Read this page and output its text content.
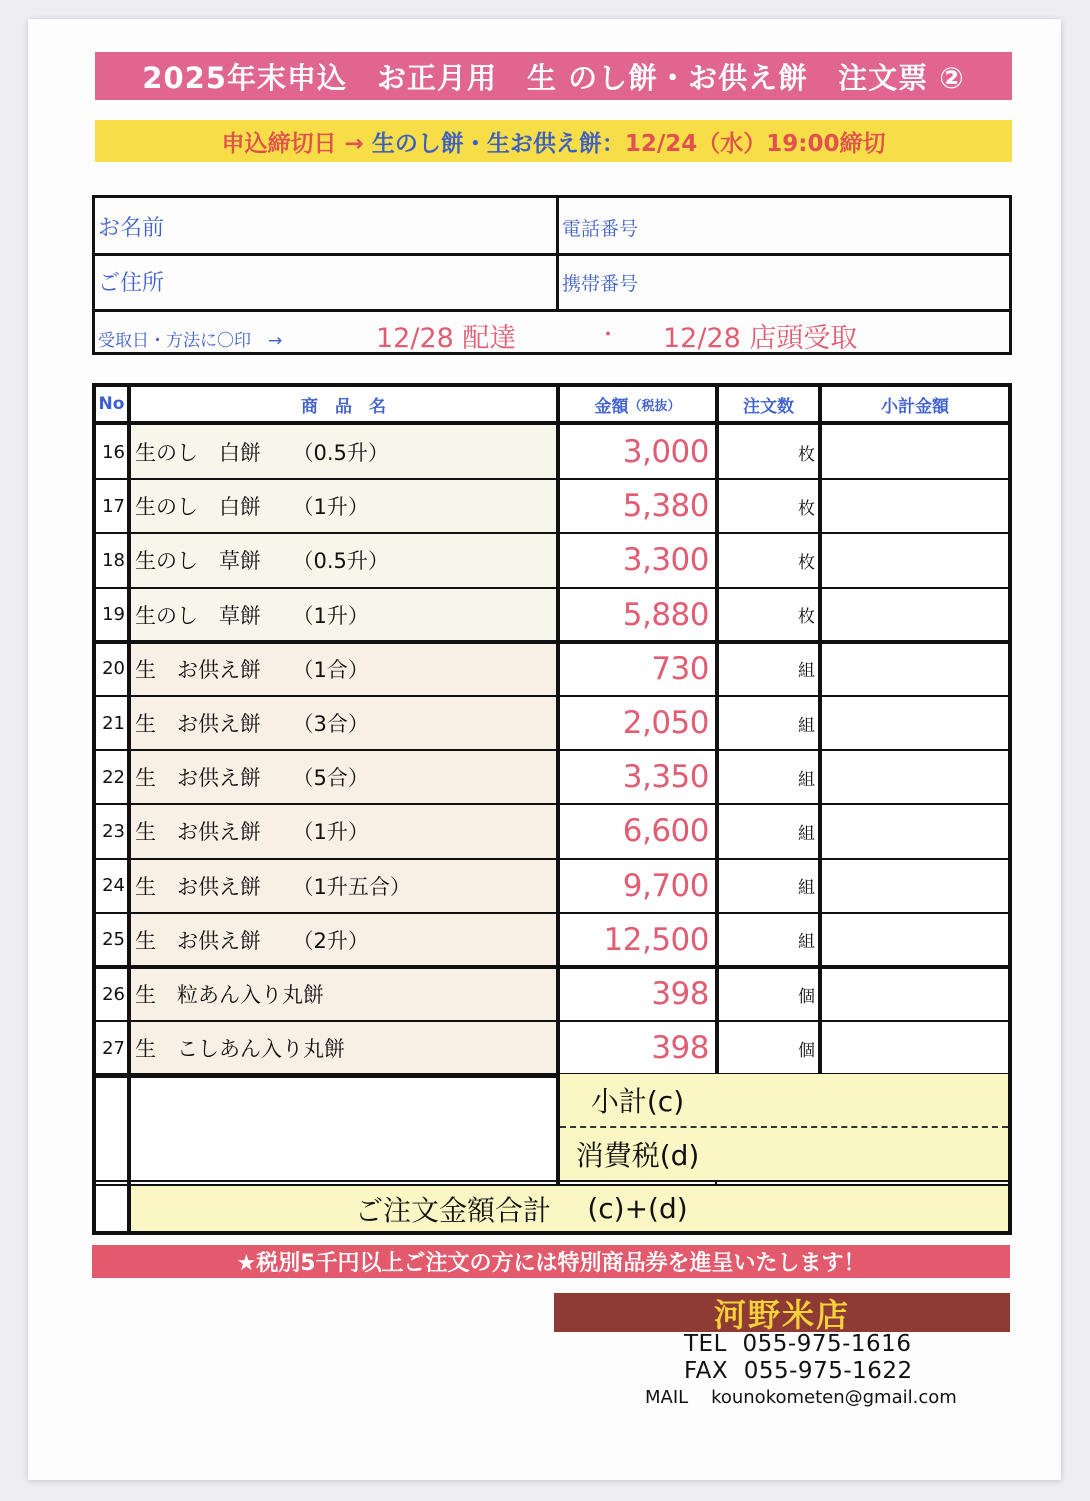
2025年末申込　お正月用　生 のし餅・お供え餅　注文票 ②
申込締切日 → 生のし餅・生お供え餅： 12/24（水）19:00締切
お名前	電話番号
ご住所	携帯番号
受取日・方法に〇印　→	12/28 配達	・ 12/28 店頭受取
No	商　品　名	金額 （税抜）	注文数	小計金額
16 生のし　白餅　　（0.5升）	3,000	枚
17 生のし　白餅　　（1升）	5,380	枚
18 生のし　草餅　　（0.5升）	3,300	枚
19 生のし　草餅　　（1升）	5,880	枚
20 生　お供え餅　　（1合）	730	組
21 生　お供え餅　　（3合）	2,050	組
22 生　お供え餅　　（5合）	3,350	組
23 生　お供え餅　　（1升）	6,600	組
24 生　お供え餅　　（1升五合）	9,700	組
25 生　お供え餅　　（2升）	12,500	組
26 生　粒あん入り丸餅	398	個
27 生　こしあん入り丸餅	398	個
小計(c)
消費税(d)
ご注文金額合計	(c)+(d)
★税別5千円以上ご注文の方には特別商品券を進呈いたします！
河野米店
TEL  055-975-1616
FAX  055-975-1622
MAIL    kounokometen@gmail.com
